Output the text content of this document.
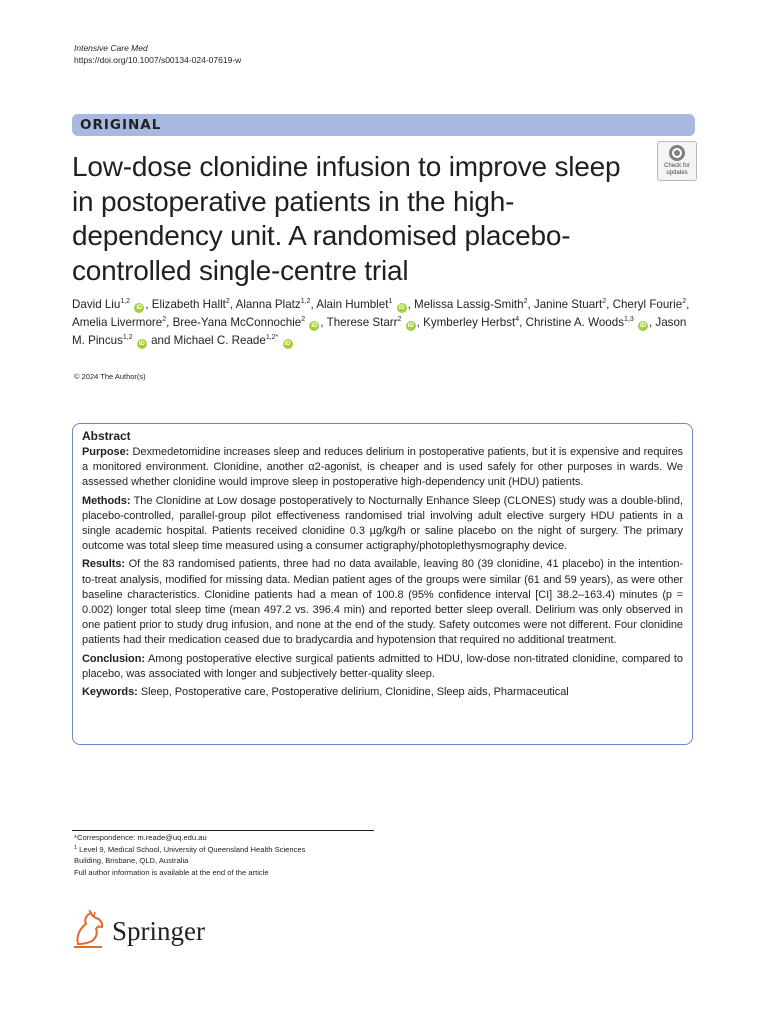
Intensive Care Med
https://doi.org/10.1007/s00134-024-07619-w
ORIGINAL
Low-dose clonidine infusion to improve sleep in postoperative patients in the high-dependency unit. A randomised placebo-controlled single-centre trial
Check for
updates
David Liu$^{1,2}$ iD , Elizabeth Hallt$^2$, Alanna Platz$^{1,2}$, Alain Humblet$^1$ iD , Melissa Lassig-Smith$^2$, Janine Stuart$^2$, Cheryl Fourie$^2$, Amelia Livermore$^2$, Bree-Yana McConnochie$^2$ iD , Therese Starr$^2$ iD , Kymberley Herbst$^4$, Christine A. Woods$^{1,3}$ iD , Jason M. Pincus$^{1,2}$ iD and Michael C. Reade$^{1,2*}$ iD
© 2024 The Author(s)
Abstract

Purpose: Dexmedetomidine increases sleep and reduces delirium in postoperative patients, but it is expensive and requires a monitored environment. Clonidine, another α2-agonist, is cheaper and is used safely for other purposes in wards. We assessed whether clonidine would improve sleep in postoperative high-dependency unit (HDU) patients.

Methods: The Clonidine at Low dosage postoperatively to Nocturnally Enhance Sleep (CLONES) study was a double-blind, placebo-controlled, parallel-group pilot effectiveness randomised trial involving adult elective surgery HDU patients in a single academic hospital. Patients received clonidine 0.3 µg/kg/h or saline placebo on the night of surgery. The primary outcome was total sleep time measured using a consumer actigraphy/photoplethysmography device.

Results: Of the 83 randomised patients, three had no data available, leaving 80 (39 clonidine, 41 placebo) in the intention-to-treat analysis, modified for missing data. Median patient ages of the groups were similar (61 and 59 years), as were other baseline characteristics. Clonidine patients had a mean of 100.8 (95% confidence interval [CI] 38.2–163.4) minutes (p = 0.002) longer total sleep time (mean 497.2 vs. 396.4 min) and reported better sleep overall. Delirium was only observed in one patient prior to study drug infusion, and none at the end of the study. Safety outcomes were not different. Four clonidine patients had their medication ceased due to bradycardia and hypotension that required no additional treatment.

Conclusion: Among postoperative elective surgical patients admitted to HDU, low-dose non-titrated clonidine, compared to placebo, was associated with longer and subjectively better-quality sleep.

Keywords: Sleep, Postoperative care, Postoperative delirium, Clonidine, Sleep aids, Pharmaceutical

*Correspondence: m.reade@uq.edu.au
$^1$ Level 9, Medical School, University of Queensland Health Sciences
Building, Brisbane, QLD, Australia
Full author information is available at the end of the article
Springer
